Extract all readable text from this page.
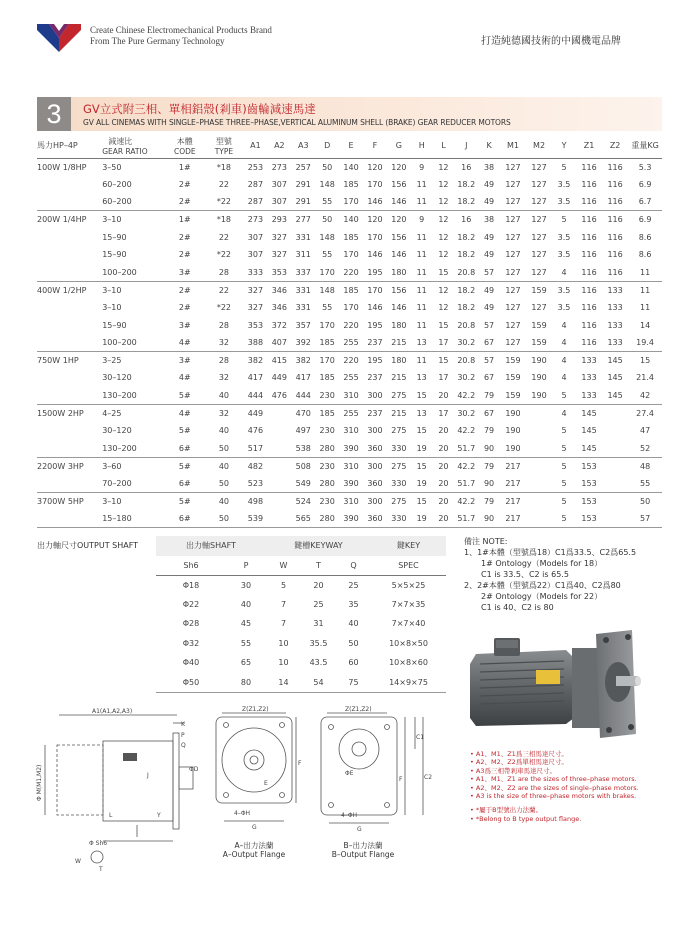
Create Chinese Electromechanical Products Brand
From The Pure Germany Technology	打造純德國技術的中國機電品牌
3	GV立式附三相、單相鋁殼(剎車)齒輪減速馬達
GV ALL CINEMAS WITH SINGLE–PHASE THREE–PHASE,VERTICAL ALUMINUM SHELL (BRAKE) GEAR REDUCER MOTORS
馬力HP–4P	減速比
GEAR RATIO	本體
CODE	型號
TYPE	A1	A2	A3	D	E	F	G	H	L	J	K	M1	M2	Y	Z1	Z2	重量KG
100W 1/8HP	3–50	1#	*18	253	273	257	50	140	120	120	9	12	16	38	127	127	5	116	116	5.3
	60–200	2#	22	287	307	291	148	185	170	156	11	12	18.2	49	127	127	3.5	116	116	6.9
	60–200	2#	*22	287	307	291	55	170	146	146	11	12	18.2	49	127	127	3.5	116	116	6.7
200W 1/4HP	3–10	1#	*18	273	293	277	50	140	120	120	9	12	16	38	127	127	5	116	116	6.9
	15–90	2#	22	307	327	331	148	185	170	156	11	12	18.2	49	127	127	3.5	116	116	8.6
	15–90	2#	*22	307	327	311	55	170	146	146	11	12	18.2	49	127	127	3.5	116	116	8.6
	100–200	3#	28	333	353	337	170	220	195	180	11	15	20.8	57	127	127	4	116	116	11
400W 1/2HP	3–10	2#	22	327	346	331	148	185	170	156	11	12	18.2	49	127	159	3.5	116	133	11
	3–10	2#	*22	327	346	331	55	170	146	146	11	12	18.2	49	127	127	3.5	116	133	11
	15–90	3#	28	353	372	357	170	220	195	180	11	15	20.8	57	127	159	4	116	133	14
	100–200	4#	32	388	407	392	185	255	237	215	13	17	30.2	67	127	159	4	116	133	19.4
750W 1HP	3–25	3#	28	382	415	382	170	220	195	180	11	15	20.8	57	159	190	4	133	145	15
	30–120	4#	32	417	449	417	185	255	237	215	13	17	30.2	67	159	190	4	133	145	21.4
	130–200	5#	40	444	476	444	230	310	300	275	15	20	42.2	79	159	190	5	133	145	42
1500W 2HP	4–25	4#	32	449		470	185	255	237	215	13	17	30.2	67	190		4	145		27.4
	30–120	5#	40	476		497	230	310	300	275	15	20	42.2	79	190		5	145		47
	130–200	6#	50	517		538	280	390	360	330	19	20	51.7	90	190		5	145		52
2200W 3HP	3–60	5#	40	482		508	230	310	300	275	15	20	42.2	79	217		5	153		48
	70–200	6#	50	523		549	280	390	360	330	19	20	51.7	90	217		5	153		55
3700W 5HP	3–10	5#	40	498		524	230	310	300	275	15	20	42.2	79	217		5	153		50
	15–180	6#	50	539		565	280	390	360	330	19	20	51.7	90	217		5	153		57
出力軸尺寸OUTPUT SHAFT	出力軸SHAFT		鍵槽KEYWAY			鍵KEY
Sh6	P	W	T	Q	SPEC
Φ18	30	5	20	25	5×5×25
Φ22	40	7	25	35	7×7×35
Φ28	45	7	31	40	7×7×40
Φ32	55	10	35.5	50	10×8×50
Φ40	65	10	43.5	60	10×8×60
Φ50	80	14	54	75	14×9×75
備注 NOTE:
1、1#本體（型號爲18）C1爲33.5、C2爲65.5
1# Ontology（Models for 18）
C1 is 33.5、C2 is 65.5
2、2#本體（型號爲22）C1爲40、C2爲80
2# Ontology（Models for 22）
C1 is 40、C2 is 80
• A1、M1、Z1爲三相馬達尺寸。
• A2、M2、Z2爲單相馬達尺寸。
• A3爲三相帶剎車馬達尺寸。
• A1、M1、Z1 are the sizes of three–phase motors.
• A2、M2、Z2 are the sizes of single–phase motors.
• A3 is the size of three–phase motors with brakes.
• *屬于B型號出力法蘭。
• *Belong to B type output flange.
A1(A1,A2,A3)
K
P
Q
Φ M(M1,M2)
L	Y
J
ΦD
Φ Sh6
W
T
Z(Z1,Z2)
4–ΦH
G
E
F
A–出力法蘭
A–Output Flange
Z(Z1,Z2)
4–ΦH
G
ΦE
F
C1
C2
B–出力法蘭
B–Output Flange
